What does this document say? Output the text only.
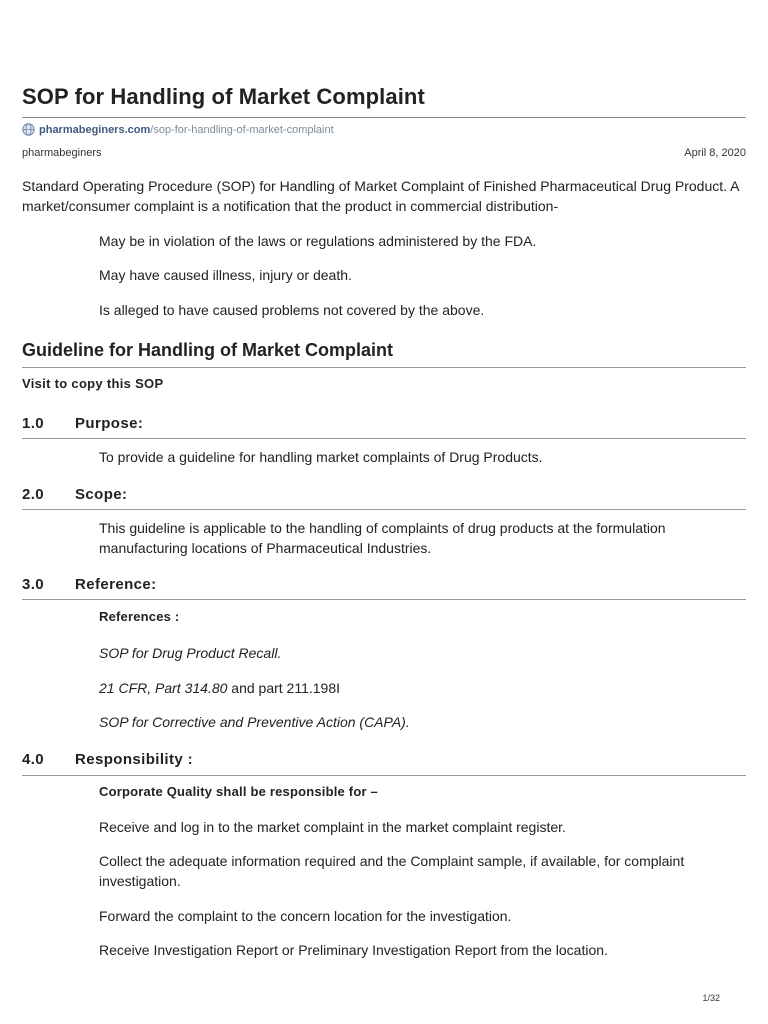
SOP for Handling of Market Complaint
pharmabeginers.com /sop-for-handling-of-market-complaint
pharmabeginers	April 8, 2020

Standard Operating Procedure (SOP) for Handling of Market Complaint of Finished Pharmaceutical Drug Product. A market/consumer complaint is a notification that the product in commercial distribution-

May be in violation of the laws or regulations administered by the FDA.

May have caused illness, injury or death.

Is alleged to have caused problems not covered by the above.

Guideline for Handling of Market Complaint

Visit to copy this SOP

1.0 Purpose:

To provide a guideline for handling market complaints of Drug Products.

2.0 Scope:

This guideline is applicable to the handling of complaints of drug products at the formulation manufacturing locations of Pharmaceutical Industries.

3.0 Reference:

References :

SOP for Drug Product Recall.

21 CFR, Part 314.80 and part 211.198I

SOP for Corrective and Preventive Action (CAPA).

4.0 Responsibility :

Corporate Quality shall be responsible for –

Receive and log in to the market complaint in the market complaint register.

Collect the adequate information required and the Complaint sample, if available, for complaint investigation.

Forward the complaint to the concern location for the investigation.

Receive Investigation Report or Preliminary Investigation Report from the location.

1/32
